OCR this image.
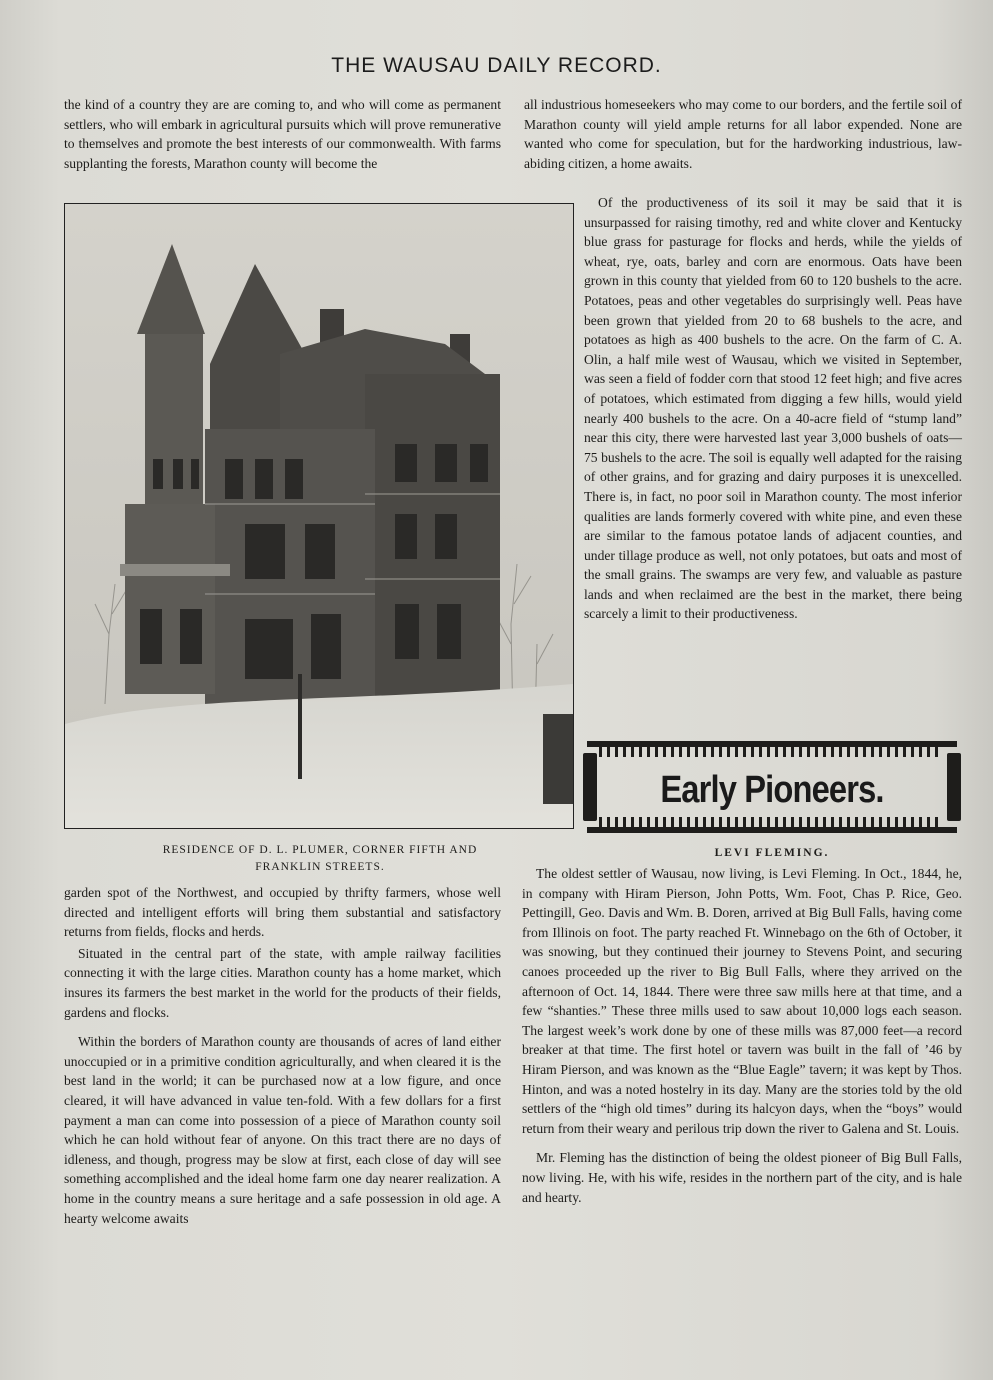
THE WAUSAU DAILY RECORD.

the kind of a country they are are coming to, and who will come as permanent settlers, who will embark in agricultural pursuits which will prove remunerative to themselves and promote the best interests of our commonwealth. With farms supplanting the forests, Marathon county will become the

all industrious homeseekers who may come to our borders, and the fertile soil of Marathon county will yield ample returns for all labor expended. None are wanted who come for speculation, but for the hardworking industrious, law-abiding citizen, a home awaits.

Of the productiveness of its soil it may be said that it is unsurpassed for raising timothy, red and white clover and Kentucky blue grass for pasturage for flocks and herds, while the yields of wheat, rye, oats, barley and corn are enormous. Oats have been grown in this county that yielded from 60 to 120 bushels to the acre. Potatoes, peas and other vegetables do surprisingly well. Peas have been grown that yielded from 20 to 68 bushels to the acre, and potatoes as high as 400 bushels to the acre. On the farm of C. A. Olin, a half mile west of Wausau, which we visited in September, was seen a field of fodder corn that stood 12 feet high; and five acres of potatoes, which estimated from digging a few hills, would yield nearly 400 bushels to the acre. On a 40-acre field of “stump land” near this city, there were harvested last year 3,000 bushels of oats—75 bushels to the acre. The soil is equally well adapted for the raising of other grains, and for grazing and dairy purposes it is unexcelled. There is, in fact, no poor soil in Marathon county. The most inferior qualities are lands formerly covered with white pine, and even these are similar to the famous potatoe lands of adjacent counties, and under tillage produce as well, not only potatoes, but oats and most of the small grains. The swamps are very few, and valuable as pasture lands and when reclaimed are the best in the market, there being scarcely a limit to their productiveness.

RESIDENCE OF D. L. PLUMER, CORNER FIFTH AND
FRANKLIN STREETS.
Early Pioneers.
LEVI FLEMING.

garden spot of the Northwest, and occupied by thrifty farmers, whose well directed and intelligent efforts will bring them substantial and satisfactory returns from fields, flocks and herds.

Situated in the central part of the state, with ample railway facilities connecting it with the large cities. Marathon county has a home market, which insures its farmers the best market in the world for the products of their fields, gardens and flocks.

Within the borders of Marathon county are thousands of acres of land either unoccupied or in a primitive condition agriculturally, and when cleared it is the best land in the world; it can be purchased now at a low figure, and once cleared, it will have advanced in value ten-fold. With a few dollars for a first payment a man can come into possession of a piece of Marathon county soil which he can hold without fear of anyone. On this tract there are no days of idleness, and though, progress may be slow at first, each close of day will see something accomplished and the ideal home farm one day nearer realization. A home in the country means a sure heritage and a safe possession in old age. A hearty welcome awaits

The oldest settler of Wausau, now living, is Levi Fleming. In Oct., 1844, he, in company with Hiram Pierson, John Potts, Wm. Foot, Chas P. Rice, Geo. Pettingill, Geo. Davis and Wm. B. Doren, arrived at Big Bull Falls, having come from Illinois on foot. The party reached Ft. Winnebago on the 6th of October, it was snowing, but they continued their journey to Stevens Point, and securing canoes proceeded up the river to Big Bull Falls, where they arrived on the afternoon of Oct. 14, 1844. There were three saw mills here at that time, and a few “shanties.” These three mills used to saw about 10,000 logs each season. The largest week’s work done by one of these mills was 87,000 feet—a record breaker at that time. The first hotel or tavern was built in the fall of ’46 by Hiram Pierson, and was known as the “Blue Eagle” tavern; it was kept by Thos. Hinton, and was a noted hostelry in its day. Many are the stories told by the old settlers of the “high old times” during its halcyon days, when the “boys” would return from their weary and perilous trip down the river to Galena and St. Louis.

Mr. Fleming has the distinction of being the oldest pioneer of Big Bull Falls, now living. He, with his wife, resides in the northern part of the city, and is hale and hearty.
